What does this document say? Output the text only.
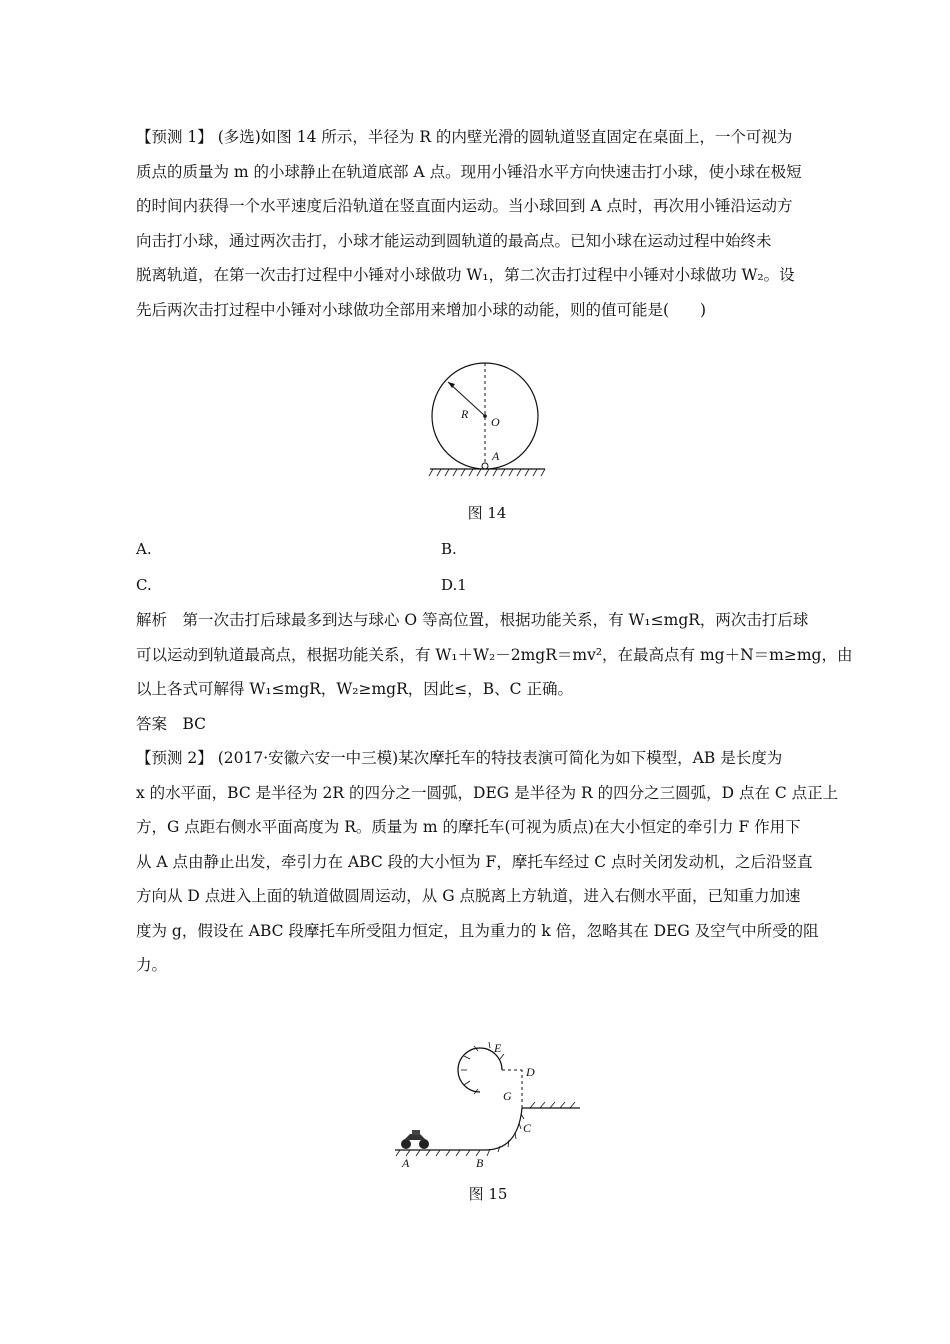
【预测 1】 (多选)如图 14 所示，半径为 R 的内壁光滑的圆轨道竖直固定在桌面上，一个可视为
质点的质量为 m 的小球静止在轨道底部 A 点。现用小锤沿水平方向快速击打小球，使小球在极短
的时间内获得一个水平速度后沿轨道在竖直面内运动。当小球回到 A 点时，再次用小锤沿运动方
向击打小球，通过两次击打，小球才能运动到圆轨道的最高点。已知小球在运动过程中始终未
脱离轨道，在第一次击打过程中小锤对小球做功 W₁，第二次击打过程中小锤对小球做功 W₂。设
先后两次击打过程中小锤对小球做功全部用来增加小球的动能，则的值可能是(　　)
R
O
A
图 14
A.	B.
C.	D.1
解析　第一次击打后球最多到达与球心 O 等高位置，根据功能关系，有 W₁≤mgR，两次击打后球
可以运动到轨道最高点，根据功能关系，有 W₁＋W₂－2mgR＝mv²，在最高点有 mg＋N＝m≥mg，由
以上各式可解得 W₁≤mgR，W₂≥mgR，因此≤，B、C 正确。
答案　BC
【预测 2】 (2017·安徽六安一中三模)某次摩托车的特技表演可简化为如下模型，AB 是长度为
x 的水平面，BC 是半径为 2R 的四分之一圆弧，DEG 是半径为 R 的四分之三圆弧，D 点在 C 点正上
方，G 点距右侧水平面高度为 R。质量为 m 的摩托车(可视为质点)在大小恒定的牵引力 F 作用下
从 A 点由静止出发，牵引力在 ABC 段的大小恒为 F，摩托车经过 C 点时关闭发动机，之后沿竖直
方向从 D 点进入上面的轨道做圆周运动，从 G 点脱离上方轨道，进入右侧水平面，已知重力加速
度为 g，假设在 ABC 段摩托车所受阻力恒定，且为重力的 k 倍，忽略其在 DEG 及空气中所受的阻
力。
A	B
C
D
E
G
图 15
